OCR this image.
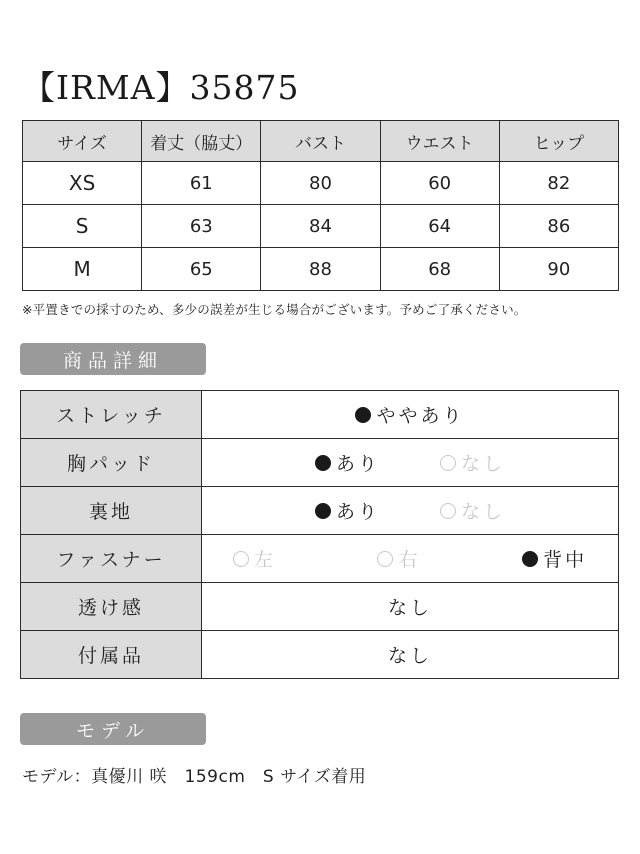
【IRMA】35875
サイズ	着丈（脇丈）	バスト	ウエスト	ヒップ
XS	61	80	60	82
S	63	84	64	86
M	65	88	68	90
※平置きでの採寸のため、多少の誤差が生じる場合がございます。予めご了承ください。
商品詳細
ストレッチ	ややあり

胸パッド	あり なし

裏地	あり なし

ファスナー	左 右 背中

透け感	なし
付属品	なし
モデル
モデル：真優川 咲　159cm　S サイズ着用
